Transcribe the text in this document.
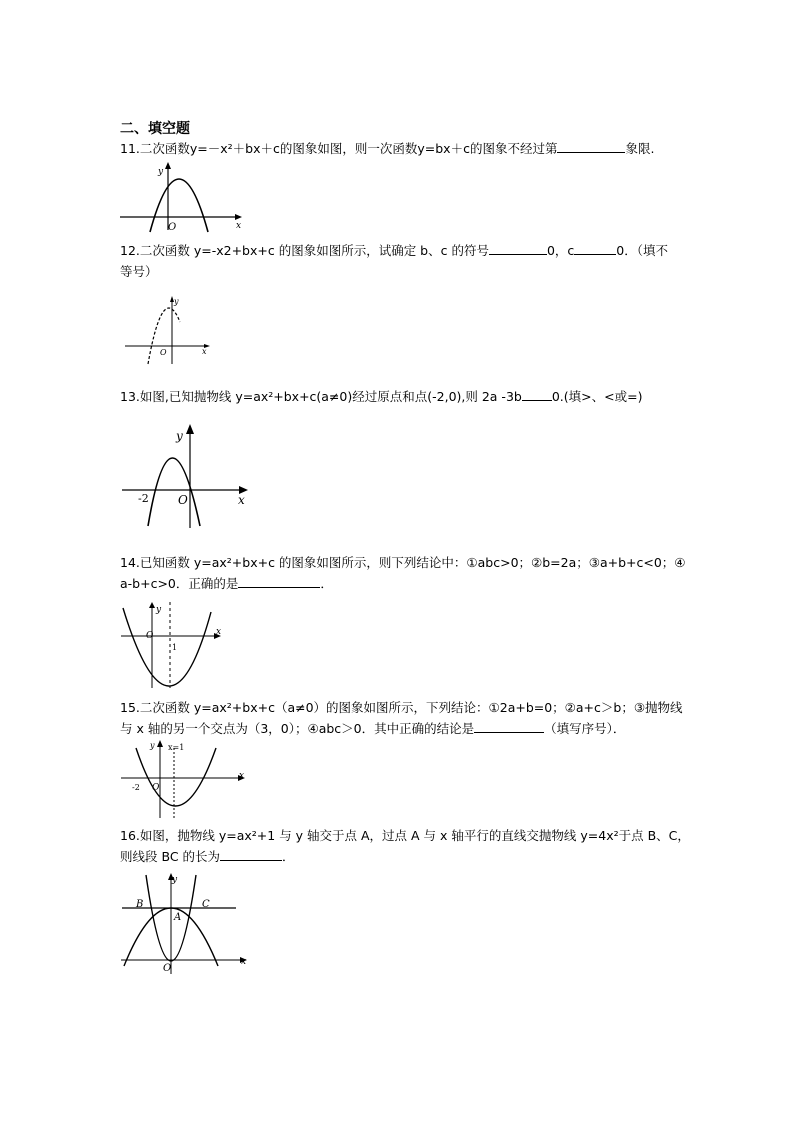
二、填空题
11.二次函数y=－x²＋bx＋c的图象如图，则一次函数y=bx＋c的图象不经过第	象限.
y
O	x
12.二次函数 y=-x2+bx+c 的图象如图所示，试确定 b、c 的符号	0，c	0．（填不
等号）
y
O	x
13.如图,已知抛物线 y=ax²+bx+c(a≠0)经过原点和点(-2,0),则 2a -3b 0.(填>、<或=)
y
-2 O	x
14.已知函数 y=ax²+bx+c 的图象如图所示，则下列结论中：①abc>0；②b=2a；③a+b+c<0；④
a-b+c>0．正确的是	．
y
O	x
1
15.二次函数 y=ax²+bx+c（a≠0）的图象如图所示，下列结论：①2a+b=0；②a+c＞b；③抛物线
与 x 轴的另一个交点为（3，0）；④abc＞0．其中正确的结论是	（填写序号）．
y x=1
-2 O
x
16.如图，抛物线 y=ax²+1 与 y 轴交于点 A，过点 A 与 x 轴平行的直线交抛物线 y=4x²于点 B、C，
则线段 BC 的长为	．
y
B	C
A
O
x
